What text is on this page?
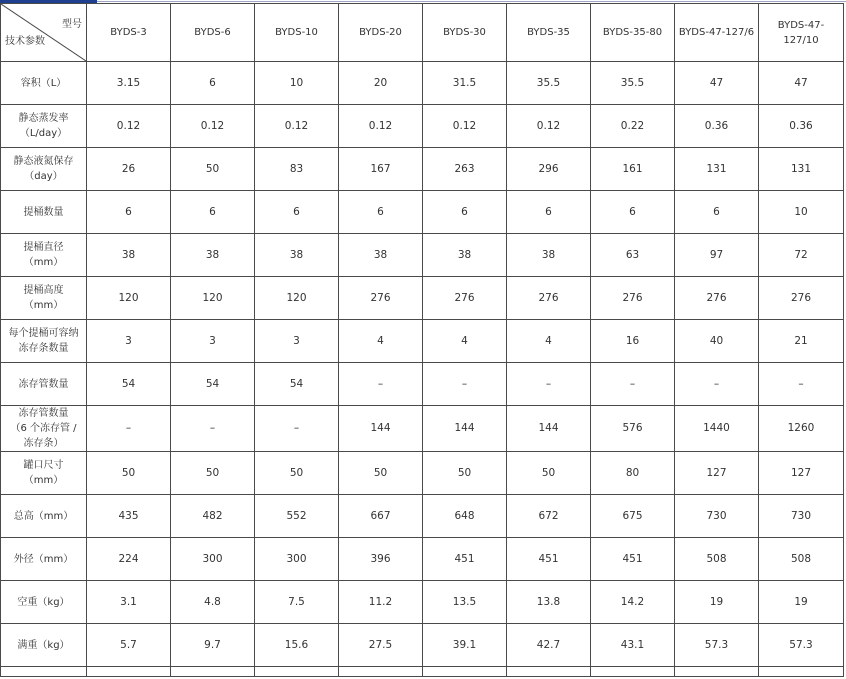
型号
技术参数	BYDS-3	BYDS-6	BYDS-10	BYDS-20	BYDS-30	BYDS-35	BYDS-35-80	BYDS-47-127/6	BYDS-47-127/10
容积（L）	3.15	6	10	20	31.5	35.5	35.5	47	47
静态蒸发率
（L/day）	0.12	0.12	0.12	0.12	0.12	0.12	0.22	0.36	0.36
静态液氮保存
（day）	26	50	83	167	263	296	161	131	131
提桶数量	6	6	6	6	6	6	6	6	10
提桶直径
（mm）	38	38	38	38	38	38	63	97	72
提桶高度
（mm）	120	120	120	276	276	276	276	276	276
每个提桶可容纳 冻存条数量	3	3	3	4	4	4	16	40	21
冻存管数量	54	54	54	–	–	–	–	–	–
冻存管数量
（6 个冻存管 / 冻存条）	–	–	–	144	144	144	576	1440	1260
罐口尺寸
（mm）	50	50	50	50	50	50	80	127	127
总高（mm）	435	482	552	667	648	672	675	730	730
外径（mm）	224	300	300	396	451	451	451	508	508
空重（kg）	3.1	4.8	7.5	11.2	13.5	13.8	14.2	19	19
满重（kg）	5.7	9.7	15.6	27.5	39.1	42.7	43.1	57.3	57.3
